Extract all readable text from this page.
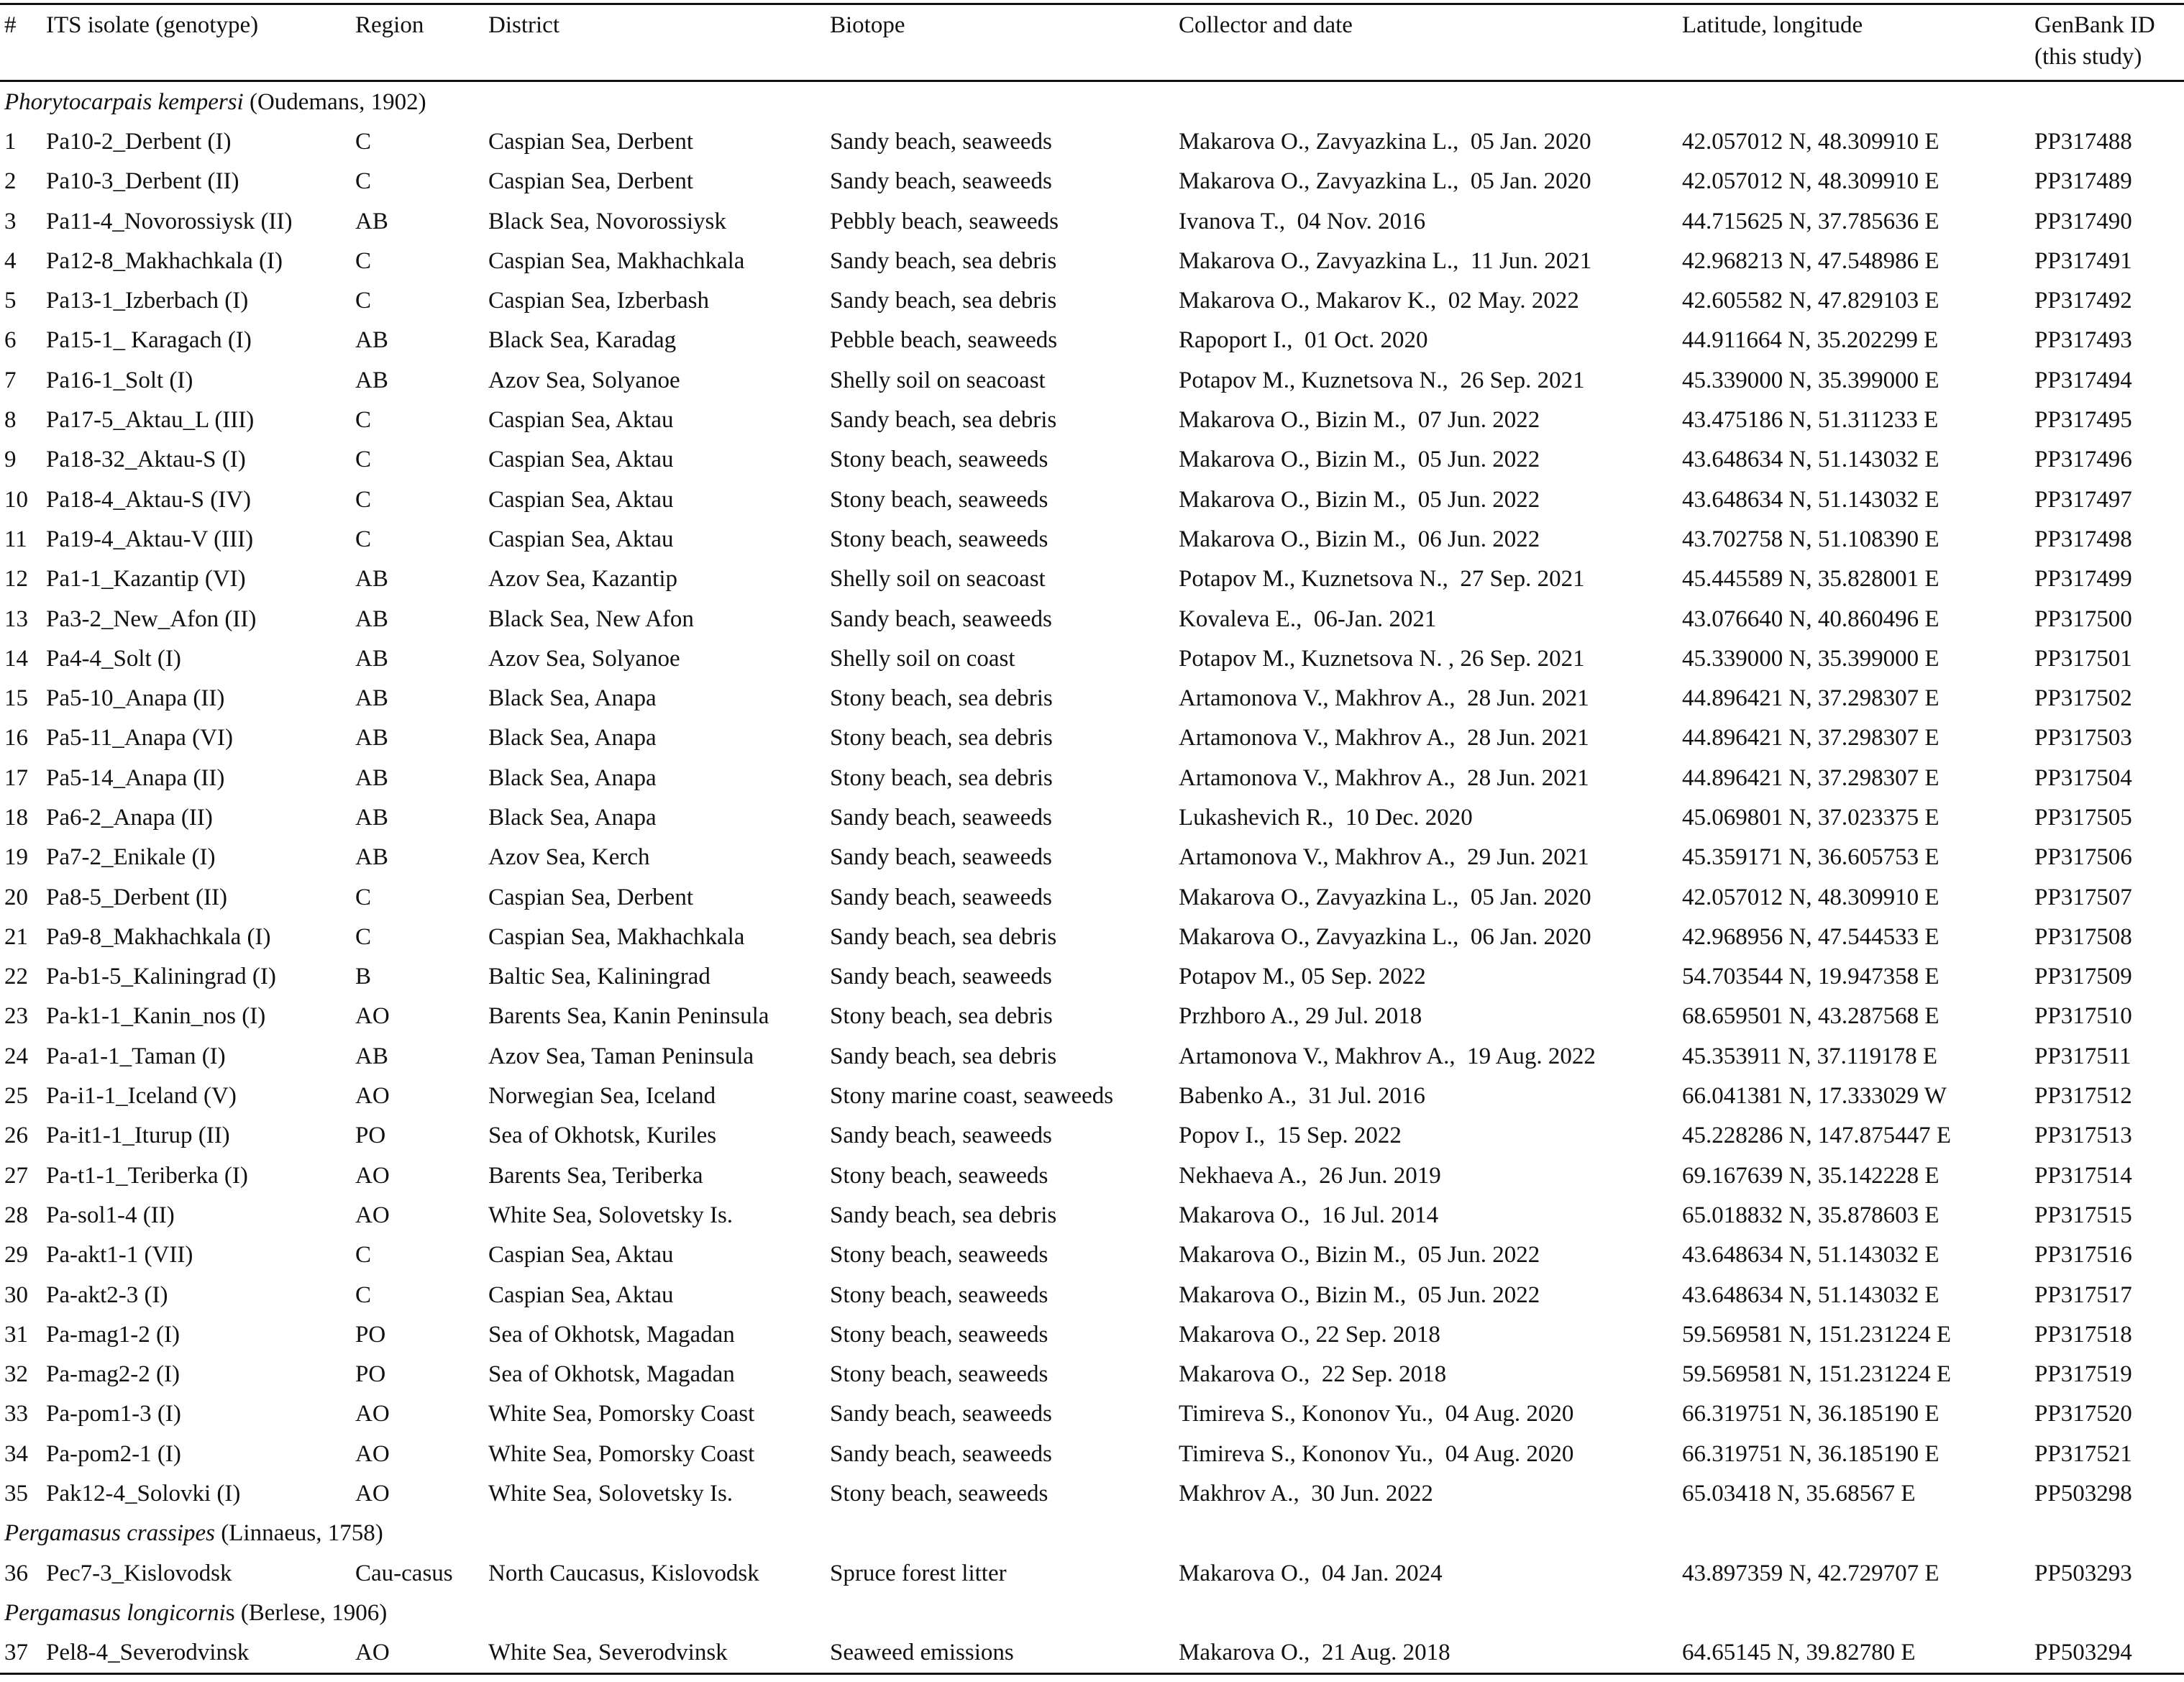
#	ITS isolate (genotype)	Region	District	Biotope	Collector and date	Latitude, longitude	GenBank ID (this study)
Phorytocarpais kempersi (Oudemans, 1902)							
1	Pa10-2_Derbent (I)	C	Caspian Sea, Derbent	Sandy beach, seaweeds	Makarova O., Zavyazkina L.,  05 Jan. 2020	42.057012 N, 48.309910 E	PP317488
2	Pa10-3_Derbent (II)	C	Caspian Sea, Derbent	Sandy beach, seaweeds	Makarova O., Zavyazkina L.,  05 Jan. 2020	42.057012 N, 48.309910 E	PP317489
3	Pa11-4_Novorossiysk (II)	AB	Black Sea, Novorossiysk	Pebbly beach, seaweeds	Ivanova T.,  04 Nov. 2016	44.715625 N, 37.785636 E	PP317490
4	Pa12-8_Makhachkala (I)	C	Caspian Sea, Makhachkala	Sandy beach, sea debris	Makarova O., Zavyazkina L.,  11 Jun. 2021	42.968213 N, 47.548986 E	PP317491
5	Pa13-1_Izberbach (I)	C	Caspian Sea, Izberbash	Sandy beach, sea debris	Makarova O., Makarov K.,  02 May. 2022	42.605582 N, 47.829103 E	PP317492
6	Pa15-1_ Karagach (I)	AB	Black Sea, Karadag	Pebble beach, seaweeds	Rapoport I.,  01 Oct. 2020	44.911664 N, 35.202299 E	PP317493
7	Pa16-1_Solt (I)	AB	Azov Sea, Solyanoe	Shelly soil on seacoast	Potapov M., Kuznetsova N.,  26 Sep. 2021	45.339000 N, 35.399000 E	PP317494
8	Pa17-5_Aktau_L (III)	C	Caspian Sea, Aktau	Sandy beach, sea debris	Makarova O., Bizin M.,  07 Jun. 2022	43.475186 N, 51.311233 E	PP317495
9	Pa18-32_Aktau-S (I)	C	Caspian Sea, Aktau	Stony beach, seaweeds	Makarova O., Bizin M.,  05 Jun. 2022	43.648634 N, 51.143032 E	PP317496
10	Pa18-4_Aktau-S (IV)	C	Caspian Sea, Aktau	Stony beach, seaweeds	Makarova O., Bizin M.,  05 Jun. 2022	43.648634 N, 51.143032 E	PP317497
11	Pa19-4_Aktau-V (III)	C	Caspian Sea, Aktau	Stony beach, seaweeds	Makarova O., Bizin M.,  06 Jun. 2022	43.702758 N, 51.108390 E	PP317498
12	Pa1-1_Kazantip (VI)	AB	Azov Sea, Kazantip	Shelly soil on seacoast	Potapov M., Kuznetsova N.,  27 Sep. 2021	45.445589 N, 35.828001 E	PP317499
13	Pa3-2_New_Afon (II)	AB	Black Sea, New Afon	Sandy beach, seaweeds	Kovaleva E.,  06-Jan. 2021	43.076640 N, 40.860496 E	PP317500
14	Pa4-4_Solt (I)	AB	Azov Sea, Solyanoe	Shelly soil on coast	Potapov M., Kuznetsova N. , 26 Sep. 2021	45.339000 N, 35.399000 E	PP317501
15	Pa5-10_Anapa (II)	AB	Black Sea, Anapa	Stony beach, sea debris	Artamonova V., Makhrov A.,  28 Jun. 2021	44.896421 N, 37.298307 E	PP317502
16	Pa5-11_Anapa (VI)	AB	Black Sea, Anapa	Stony beach, sea debris	Artamonova V., Makhrov A.,  28 Jun. 2021	44.896421 N, 37.298307 E	PP317503
17	Pa5-14_Anapa (II)	AB	Black Sea, Anapa	Stony beach, sea debris	Artamonova V., Makhrov A.,  28 Jun. 2021	44.896421 N, 37.298307 E	PP317504
18	Pa6-2_Anapa (II)	AB	Black Sea, Anapa	Sandy beach, seaweeds	Lukashevich R.,  10 Dec. 2020	45.069801 N, 37.023375 E	PP317505
19	Pa7-2_Enikale (I)	AB	Azov Sea, Kerch	Sandy beach, seaweeds	Artamonova V., Makhrov A.,  29 Jun. 2021	45.359171 N, 36.605753 E	PP317506
20	Pa8-5_Derbent (II)	C	Caspian Sea, Derbent	Sandy beach, seaweeds	Makarova O., Zavyazkina L.,  05 Jan. 2020	42.057012 N, 48.309910 E	PP317507
21	Pa9-8_Makhachkala (I)	C	Caspian Sea, Makhachkala	Sandy beach, sea debris	Makarova O., Zavyazkina L.,  06 Jan. 2020	42.968956 N, 47.544533 E	PP317508
22	Pa-b1-5_Kaliningrad (I)	B	Baltic Sea, Kaliningrad	Sandy beach, seaweeds	Potapov M., 05 Sep. 2022	54.703544 N, 19.947358 E	PP317509
23	Pa-k1-1_Kanin_nos (I)	AO	Barents Sea, Kanin Peninsula	Stony beach, sea debris	Przhboro A., 29 Jul. 2018	68.659501 N, 43.287568 E	PP317510
24	Pa-a1-1_Taman (I)	AB	Azov Sea, Taman Peninsula	Sandy beach, sea debris	Artamonova V., Makhrov A.,  19 Aug. 2022	45.353911 N, 37.119178 E	PP317511
25	Pa-i1-1_Iceland (V)	AO	Norwegian Sea, Iceland	Stony marine coast, seaweeds	Babenko A.,  31 Jul. 2016	66.041381 N, 17.333029 W	PP317512
26	Pa-it1-1_Iturup (II)	PO	Sea of Okhotsk, Kuriles	Sandy beach, seaweeds	Popov I.,  15 Sep. 2022	45.228286 N, 147.875447 E	PP317513
27	Pa-t1-1_Teriberka (I)	AO	Barents Sea, Teriberka	Stony beach, seaweeds	Nekhaeva A.,  26 Jun. 2019	69.167639 N, 35.142228 E	PP317514
28	Pa-sol1-4 (II)	AO	White Sea, Solovetsky Is.	Sandy beach, sea debris	Makarova O.,  16 Jul. 2014	65.018832 N, 35.878603 E	PP317515
29	Pa-akt1-1 (VII)	C	Caspian Sea, Aktau	Stony beach, seaweeds	Makarova O., Bizin M.,  05 Jun. 2022	43.648634 N, 51.143032 E	PP317516
30	Pa-akt2-3 (I)	C	Caspian Sea, Aktau	Stony beach, seaweeds	Makarova O., Bizin M.,  05 Jun. 2022	43.648634 N, 51.143032 E	PP317517
31	Pa-mag1-2 (I)	PO	Sea of Okhotsk, Magadan	Stony beach, seaweeds	Makarova O., 22 Sep. 2018	59.569581 N, 151.231224 E	PP317518
32	Pa-mag2-2 (I)	PO	Sea of Okhotsk, Magadan	Stony beach, seaweeds	Makarova O.,  22 Sep. 2018	59.569581 N, 151.231224 E	PP317519
33	Pa-pom1-3 (I)	AO	White Sea, Pomorsky Coast	Sandy beach, seaweeds	Timireva S., Kononov Yu.,  04 Aug. 2020	66.319751 N, 36.185190 E	PP317520
34	Pa-pom2-1 (I)	AO	White Sea, Pomorsky Coast	Sandy beach, seaweeds	Timireva S., Kononov Yu.,  04 Aug. 2020	66.319751 N, 36.185190 E	PP317521
35	Pak12-4_Solovki (I)	AO	White Sea, Solovetsky Is.	Stony beach, seaweeds	Makhrov A.,  30 Jun. 2022	65.03418 N, 35.68567 E	PP503298
Pergamasus crassipes (Linnaeus, 1758)							
36	Pec7-3_Kislovodsk	Cau-casus	North Caucasus, Kislovodsk	Spruce forest litter	Makarova O.,  04 Jan. 2024	43.897359 N, 42.729707 E	PP503293
Pergamasus longicornis (Berlese, 1906)							
37	Pel8-4_Severodvinsk	AO	White Sea, Severodvinsk	Seaweed emissions	Makarova O.,  21 Aug. 2018	64.65145 N, 39.82780 E	PP503294
